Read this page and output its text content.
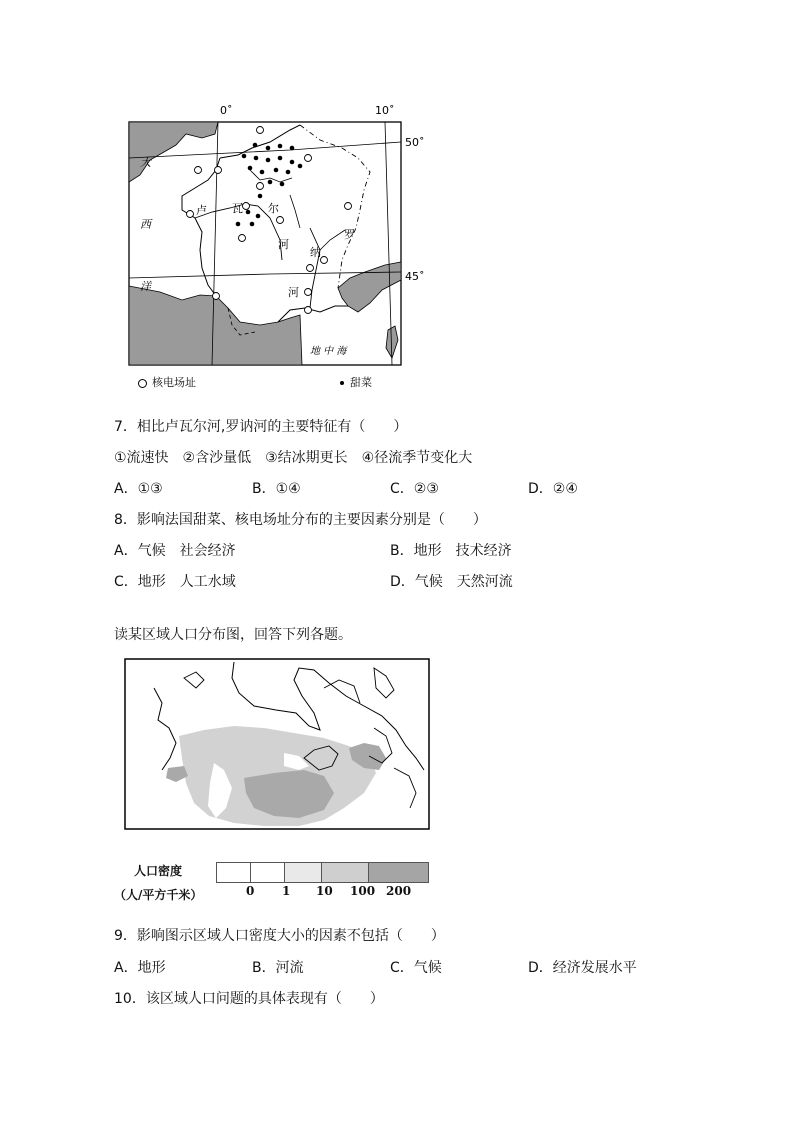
0˚	10˚
50˚
45˚
大
西
洋
地 中 海
卢 瓦 尔
河
罗
纳
河
核电场址	甜菜
7．相比卢瓦尔河,罗讷河的主要特征有（　　）
①流速快　②含沙量低　③结冰期更长　④径流季节变化大
A．①③	B．①④	C．②③	D．②④
8．影响法国甜菜、核电场址分布的主要因素分别是（　　）
A．气候　社会经济	B．地形　技术经济
C．地形　人工水域	D．气候　天然河流
读某区域人口分布图，回答下列各题。
人口密度
（人/平方千米）	0 1 10 100 200
9．影响图示区域人口密度大小的因素不包括（　　）
A．地形	B．河流	C．气候	D．经济发展水平
10．该区域人口问题的具体表现有（　　）
